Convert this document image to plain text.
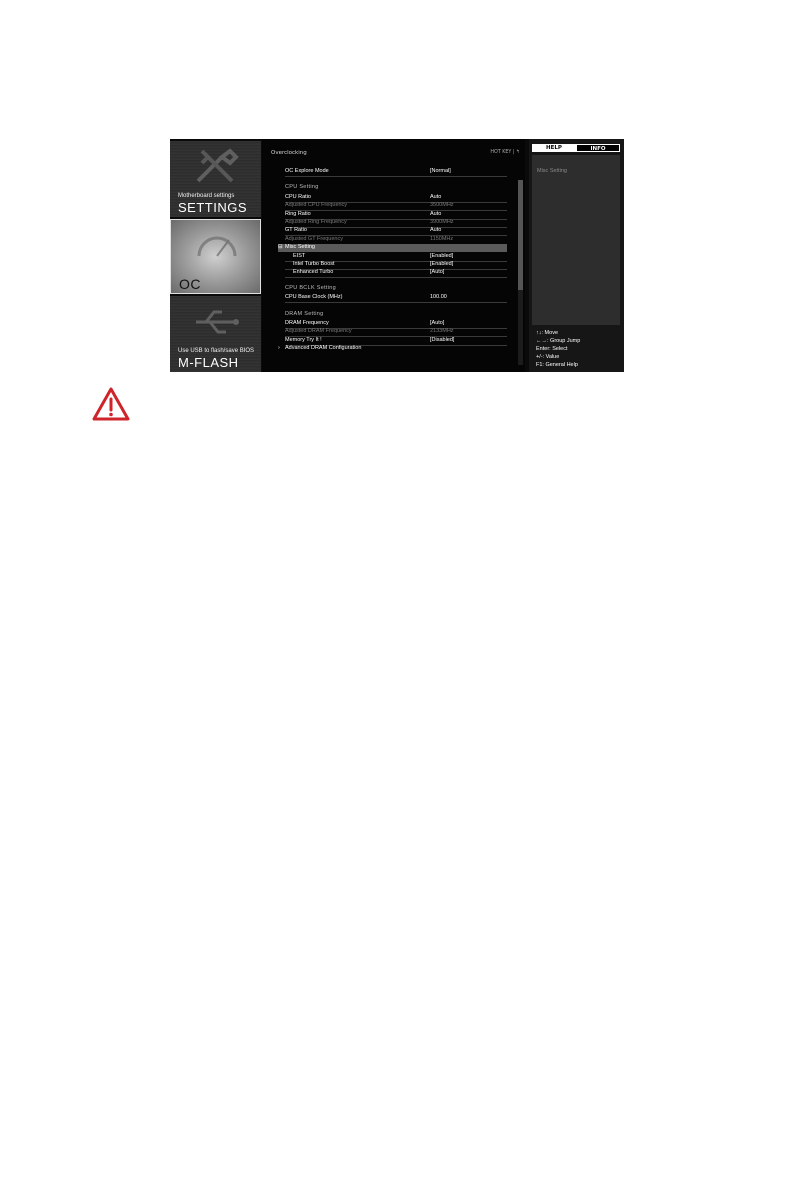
Motherboard settings
SETTINGS
OC
Use USB to flash/save BIOS
M-FLASH
Overclocking	HOT KEY | ↰
OC Explore Mode	[Normal]
CPU Setting
CPU Ratio	Auto
Adjusted CPU Frequency	3500MHz
Ring Ratio	Auto
Adjusted Ring Frequency	3900MHz
GT Ratio	Auto
Adjusted GT Frequency	1150MHz
⊟ Misc Setting
EIST	[Enabled]
Intel Turbo Boost	[Enabled]
Enhanced Turbo	[Auto]
CPU BCLK Setting
CPU Base Clock (MHz)	100.00
DRAM Setting
DRAM Frequency	[Auto]
Adjusted DRAM Frequency	2133MHz
Memory Try It !	[Disabled]
› Advanced DRAM Configuration
HELP	INFO
Misc Setting
↑↓: Move
←→: Group Jump
Enter: Select
+/-: Value
F1: General Help
